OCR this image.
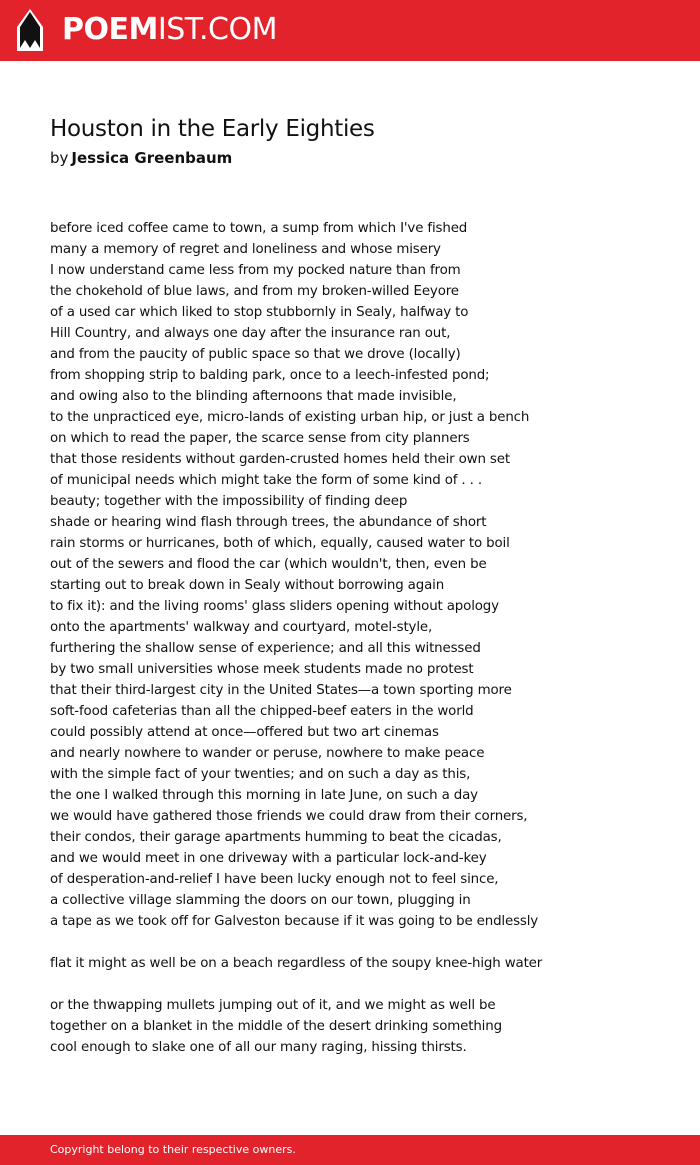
POEMIST.COM
Houston in the Early Eighties
by Jessica Greenbaum
before iced coffee came to town, a sump from which I've fished
many a memory of regret and loneliness and whose misery
I now understand came less from my pocked nature than from
the chokehold of blue laws, and from my broken-willed Eeyore
of a used car which liked to stop stubbornly in Sealy, halfway to
Hill Country, and always one day after the insurance ran out,
and from the paucity of public space so that we drove (locally)
from shopping strip to balding park, once to a leech-infested pond;
and owing also to the blinding afternoons that made invisible,
to the unpracticed eye, micro-lands of existing urban hip, or just a bench
on which to read the paper, the scarce sense from city planners
that those residents without garden-crusted homes held their own set
of municipal needs which might take the form of some kind of . . .
beauty; together with the impossibility of finding deep
shade or hearing wind flash through trees, the abundance of short
rain storms or hurricanes, both of which, equally, caused water to boil
out of the sewers and flood the car (which wouldn't, then, even be
starting out to break down in Sealy without borrowing again
to fix it): and the living rooms' glass sliders opening without apology
onto the apartments' walkway and courtyard, motel-style,
furthering the shallow sense of experience; and all this witnessed
by two small universities whose meek students made no protest
that their third-largest city in the United States—a town sporting more
soft-food cafeterias than all the chipped-beef eaters in the world
could possibly attend at once—offered but two art cinemas
and nearly nowhere to wander or peruse, nowhere to make peace
with the simple fact of your twenties; and on such a day as this,
the one I walked through this morning in late June, on such a day
we would have gathered those friends we could draw from their corners,
their condos, their garage apartments humming to beat the cicadas,
and we would meet in one driveway with a particular lock-and-key
of desperation-and-relief I have been lucky enough not to feel since,
a collective village slamming the doors on our town, plugging in
a tape as we took off for Galveston because if it was going to be endlessly
flat it might as well be on a beach regardless of the soupy knee-high water
or the thwapping mullets jumping out of it, and we might as well be
together on a blanket in the middle of the desert drinking something
cool enough to slake one of all our many raging, hissing thirsts.
Copyright belong to their respective owners.
